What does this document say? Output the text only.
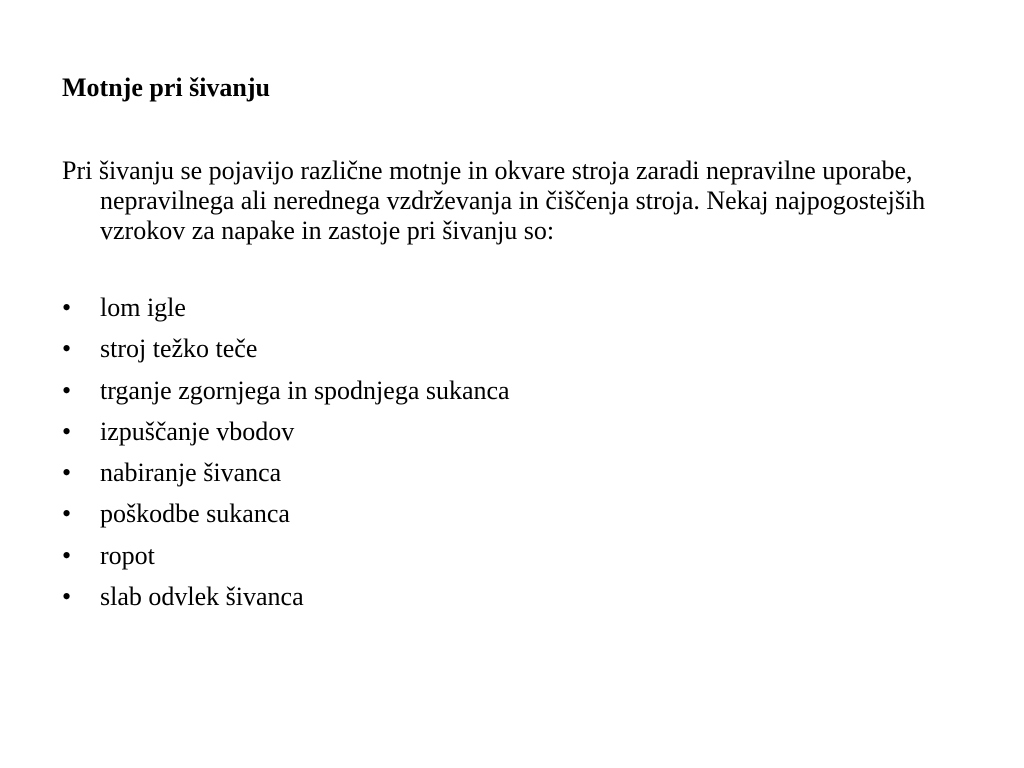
Motnje pri šivanju

Pri šivanju se pojavijo različne motnje in okvare stroja zaradi nepravilne uporabe, nepravilnega ali nerednega vzdrževanja in čiščenja stroja. Nekaj najpogostejših vzrokov za napake in zastoje pri šivanju so:

• lom igle
• stroj težko teče
• trganje zgornjega in spodnjega sukanca
• izpuščanje vbodov
• nabiranje šivanca
• poškodbe sukanca
• ropot
• slab odvlek šivanca
